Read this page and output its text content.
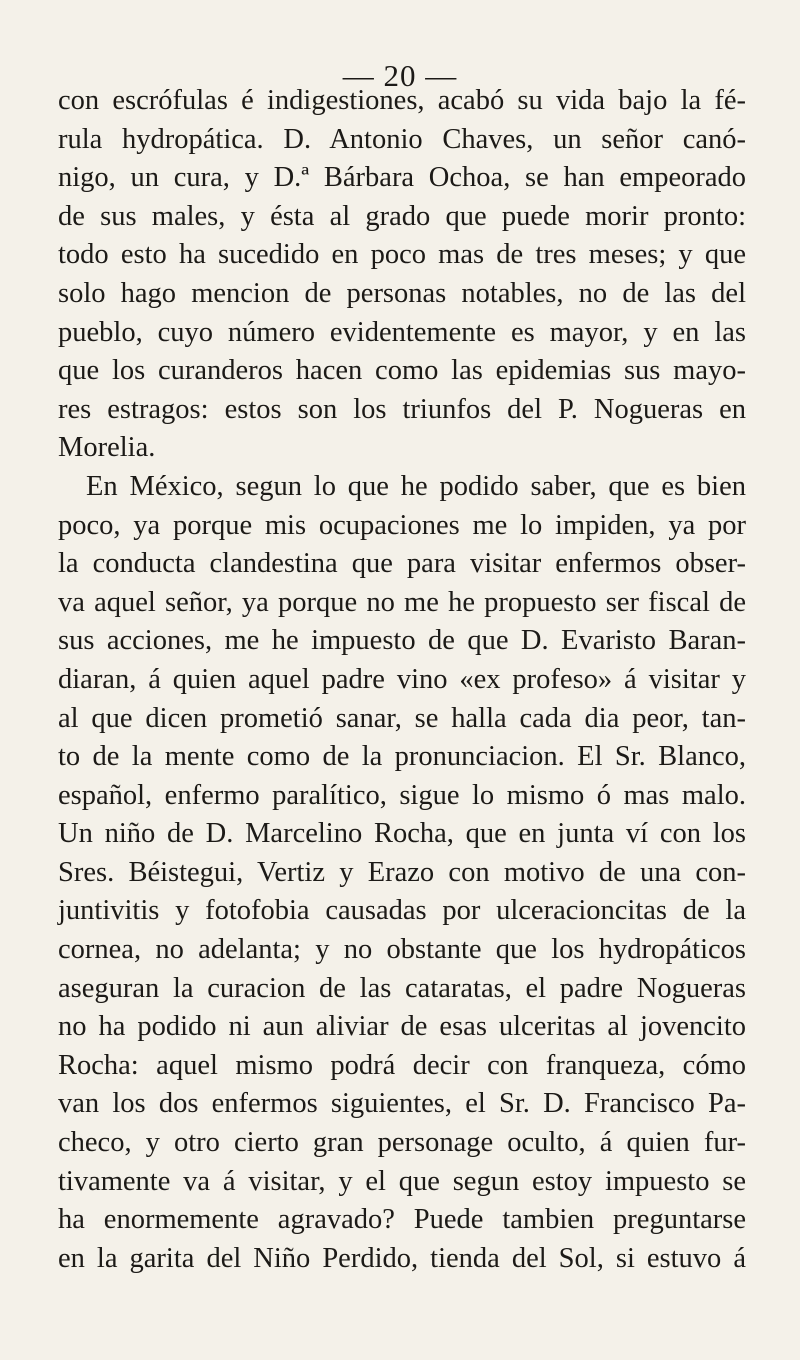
— 20 —
con escrófulas é indigestiones, acabó su vida bajo la fé-
rula hydropática. D. Antonio Chaves, un señor canó-
nigo, un cura, y D.ª Bárbara Ochoa, se han empeorado
de sus males, y ésta al grado que puede morir pronto:
todo esto ha sucedido en poco mas de tres meses; y que
solo hago mencion de personas notables, no de las del
pueblo, cuyo número evidentemente es mayor, y en las
que los curanderos hacen como las epidemias sus mayo-
res estragos: estos son los triunfos del P. Nogueras en
Morelia.
En México, segun lo que he podido saber, que es bien
poco, ya porque mis ocupaciones me lo impiden, ya por
la conducta clandestina que para visitar enfermos obser-
va aquel señor, ya porque no me he propuesto ser fiscal de
sus acciones, me he impuesto de que D. Evaristo Baran-
diaran, á quien aquel padre vino «ex profeso» á visitar y
al que dicen prometió sanar, se halla cada dia peor, tan-
to de la mente como de la pronunciacion. El Sr. Blanco,
español, enfermo paralítico, sigue lo mismo ó mas malo.
Un niño de D. Marcelino Rocha, que en junta ví con los
Sres. Béistegui, Vertiz y Erazo con motivo de una con-
juntivitis y fotofobia causadas por ulceracioncitas de la
cornea, no adelanta; y no obstante que los hydropáticos
aseguran la curacion de las cataratas, el padre Nogueras
no ha podido ni aun aliviar de esas ulceritas al jovencito
Rocha: aquel mismo podrá decir con franqueza, cómo
van los dos enfermos siguientes, el Sr. D. Francisco Pa-
checo, y otro cierto gran personage oculto, á quien fur-
tivamente va á visitar, y el que segun estoy impuesto se
ha enormemente agravado? Puede tambien preguntarse
en la garita del Niño Perdido, tienda del Sol, si estuvo á
